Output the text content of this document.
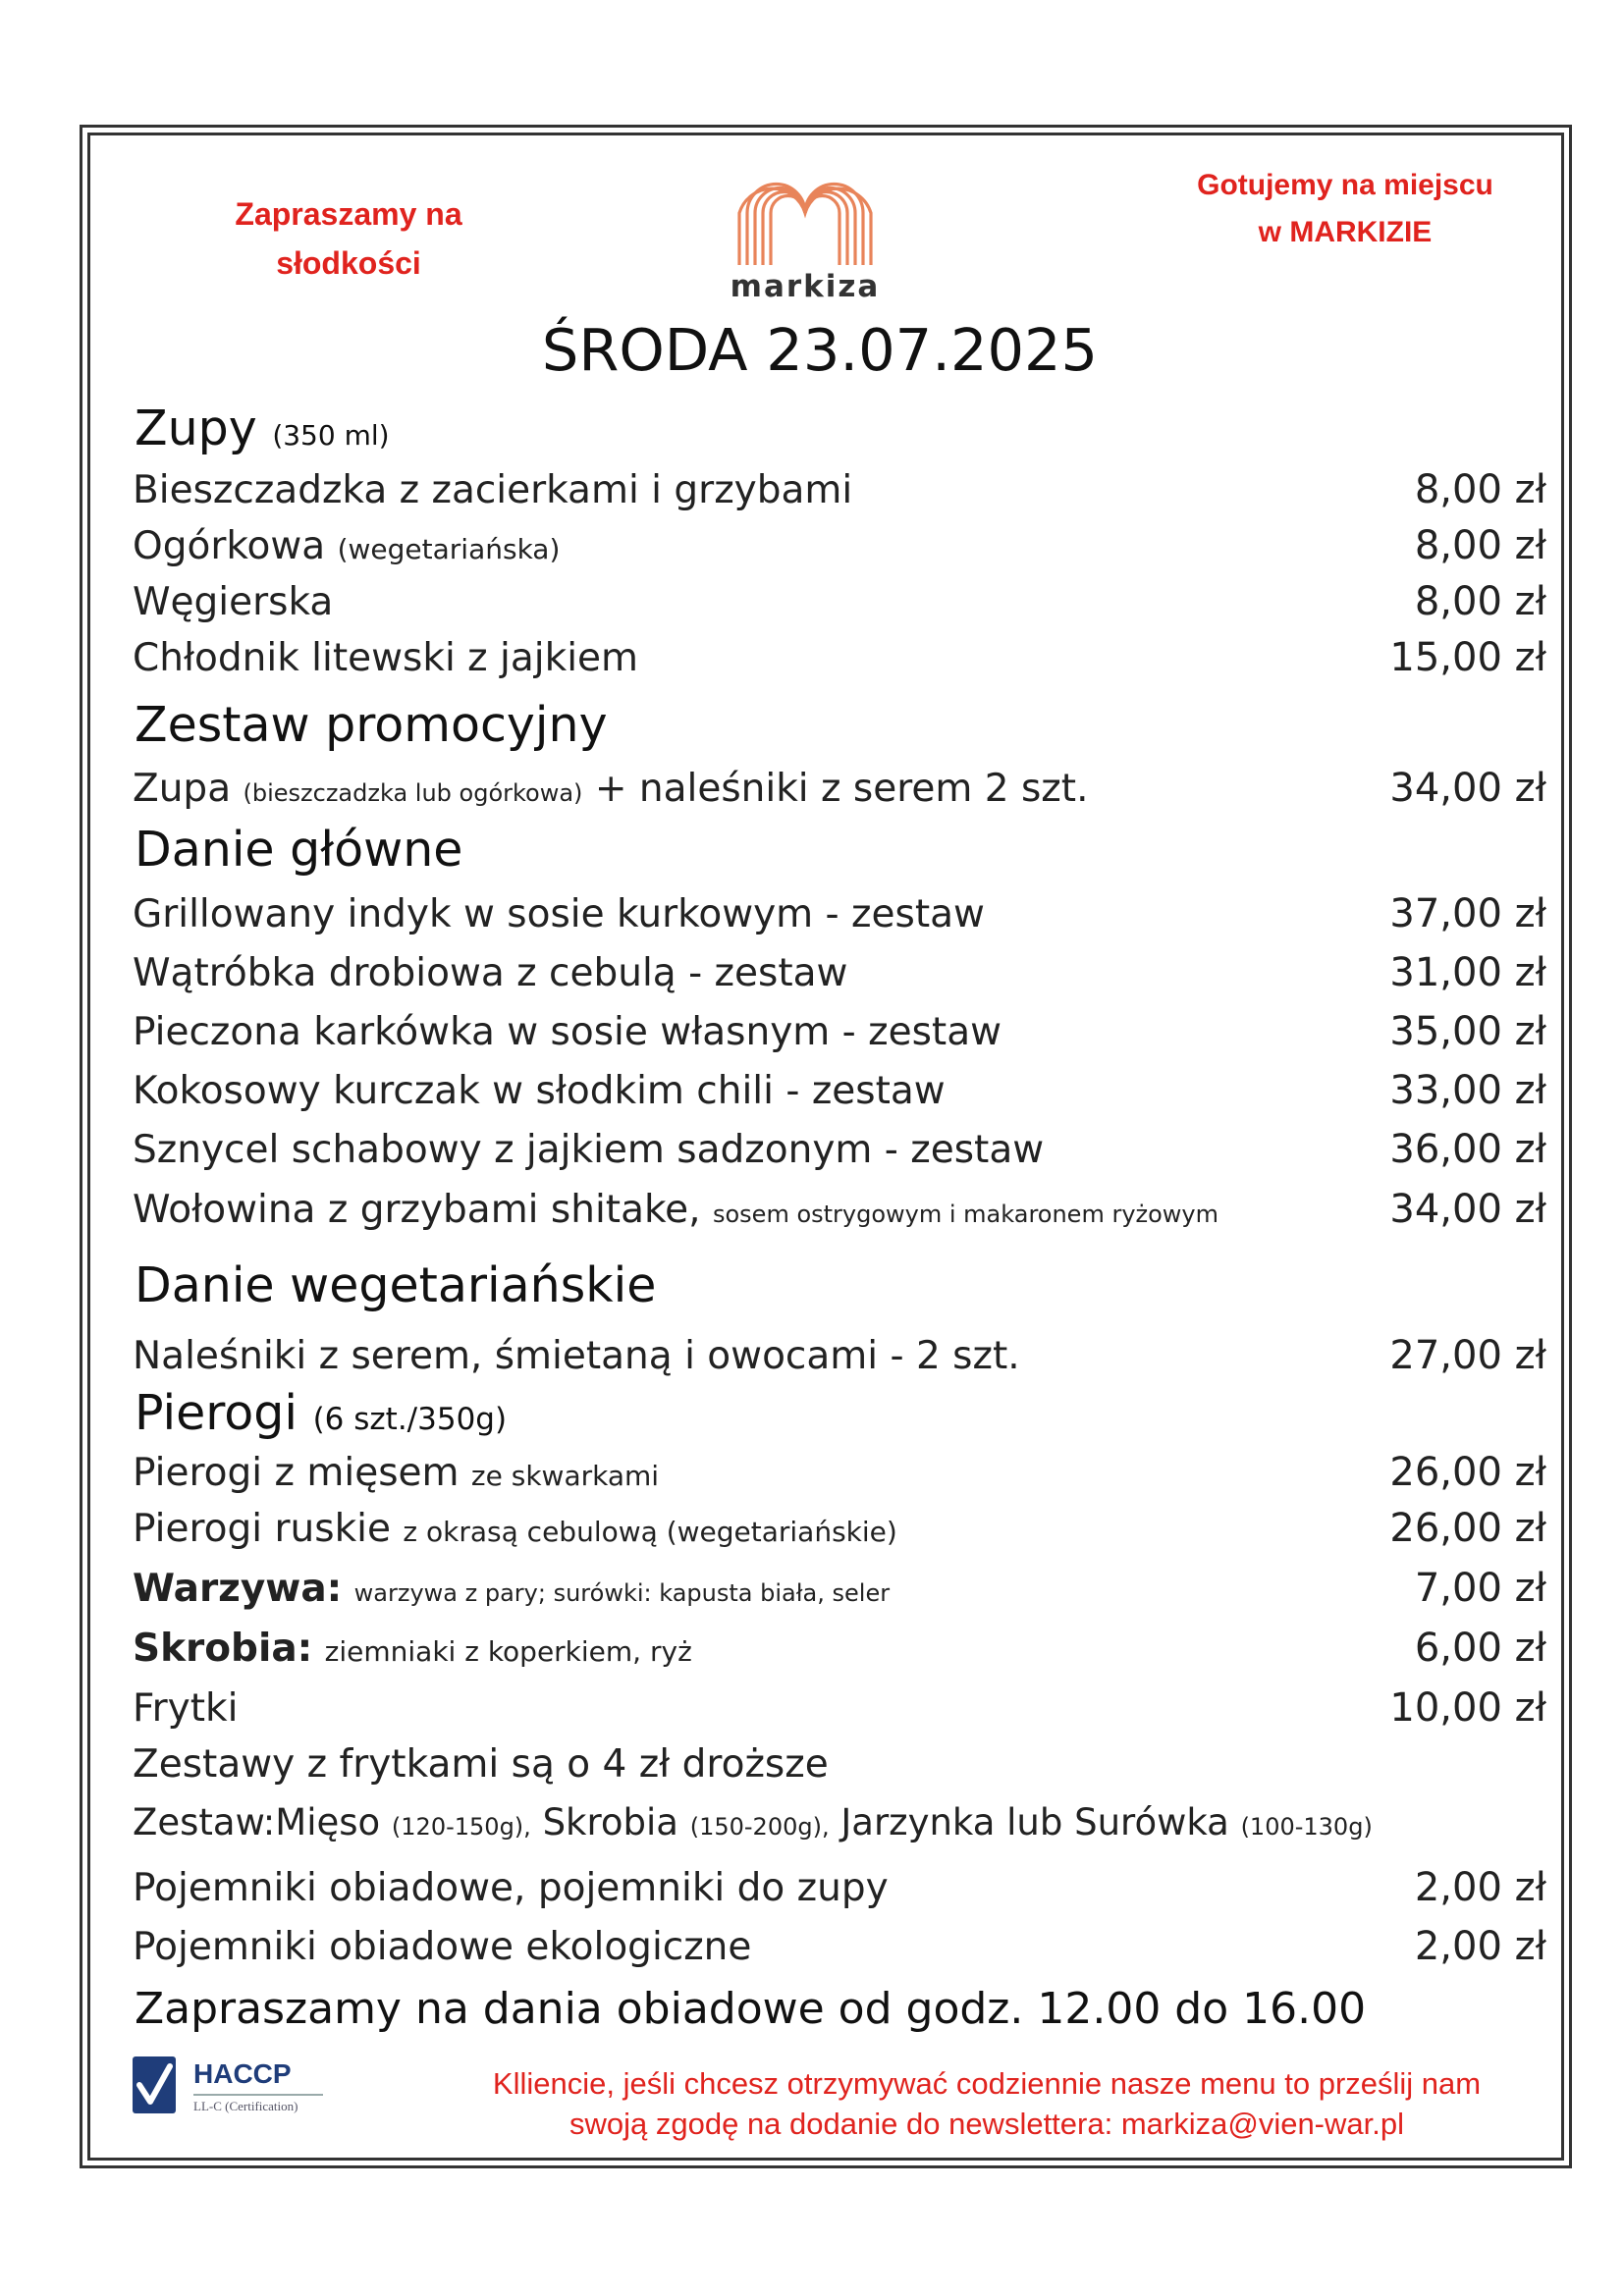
Zapraszamy na
słodkości
markiza
Gotujemy na miejscu
w MARKIZIE
ŚRODA 23.07.2025
Zupy (350 ml)
Bieszczadzka z zacierkami i grzybami	8,00 zł
Ogórkowa (wegetariańska)	8,00 zł
Węgierska	8,00 zł
Chłodnik litewski z jajkiem	15,00 zł
Zestaw promocyjny
Zupa (bieszczadzka lub ogórkowa) + naleśniki z serem 2 szt.	34,00 zł
Danie główne
Grillowany indyk w sosie kurkowym - zestaw	37,00 zł
Wątróbka drobiowa z cebulą - zestaw	31,00 zł
Pieczona karkówka w sosie własnym - zestaw	35,00 zł
Kokosowy kurczak w słodkim chili - zestaw	33,00 zł
Sznycel schabowy z jajkiem sadzonym - zestaw	36,00 zł
Wołowina z grzybami shitake, sosem ostrygowym i makaronem ryżowym	34,00 zł
Danie wegetariańskie
Naleśniki z serem, śmietaną i owocami - 2 szt.	27,00 zł
Pierogi (6 szt./350g)
Pierogi z mięsem ze skwarkami	26,00 zł
Pierogi ruskie z okrasą cebulową (wegetariańskie)	26,00 zł
Warzywa: warzywa z pary; surówki: kapusta biała, seler	7,00 zł
Skrobia: ziemniaki z koperkiem, ryż	6,00 zł
Frytki	10,00 zł
Zestawy z frytkami są o 4 zł droższe
Zestaw:Mięso (120-150g), Skrobia (150-200g), Jarzynka lub Surówka (100-130g)
Pojemniki obiadowe, pojemniki do zupy	2,00 zł
Pojemniki obiadowe ekologiczne	2,00 zł
Zapraszamy na dania obiadowe od godz. 12.00 do 16.00
HACCP
LL-C (Certification)
Klliencie, jeśli chcesz otrzymywać codziennie nasze menu to prześlij nam
swoją zgodę na dodanie do newslettera: markiza@vien-war.pl
